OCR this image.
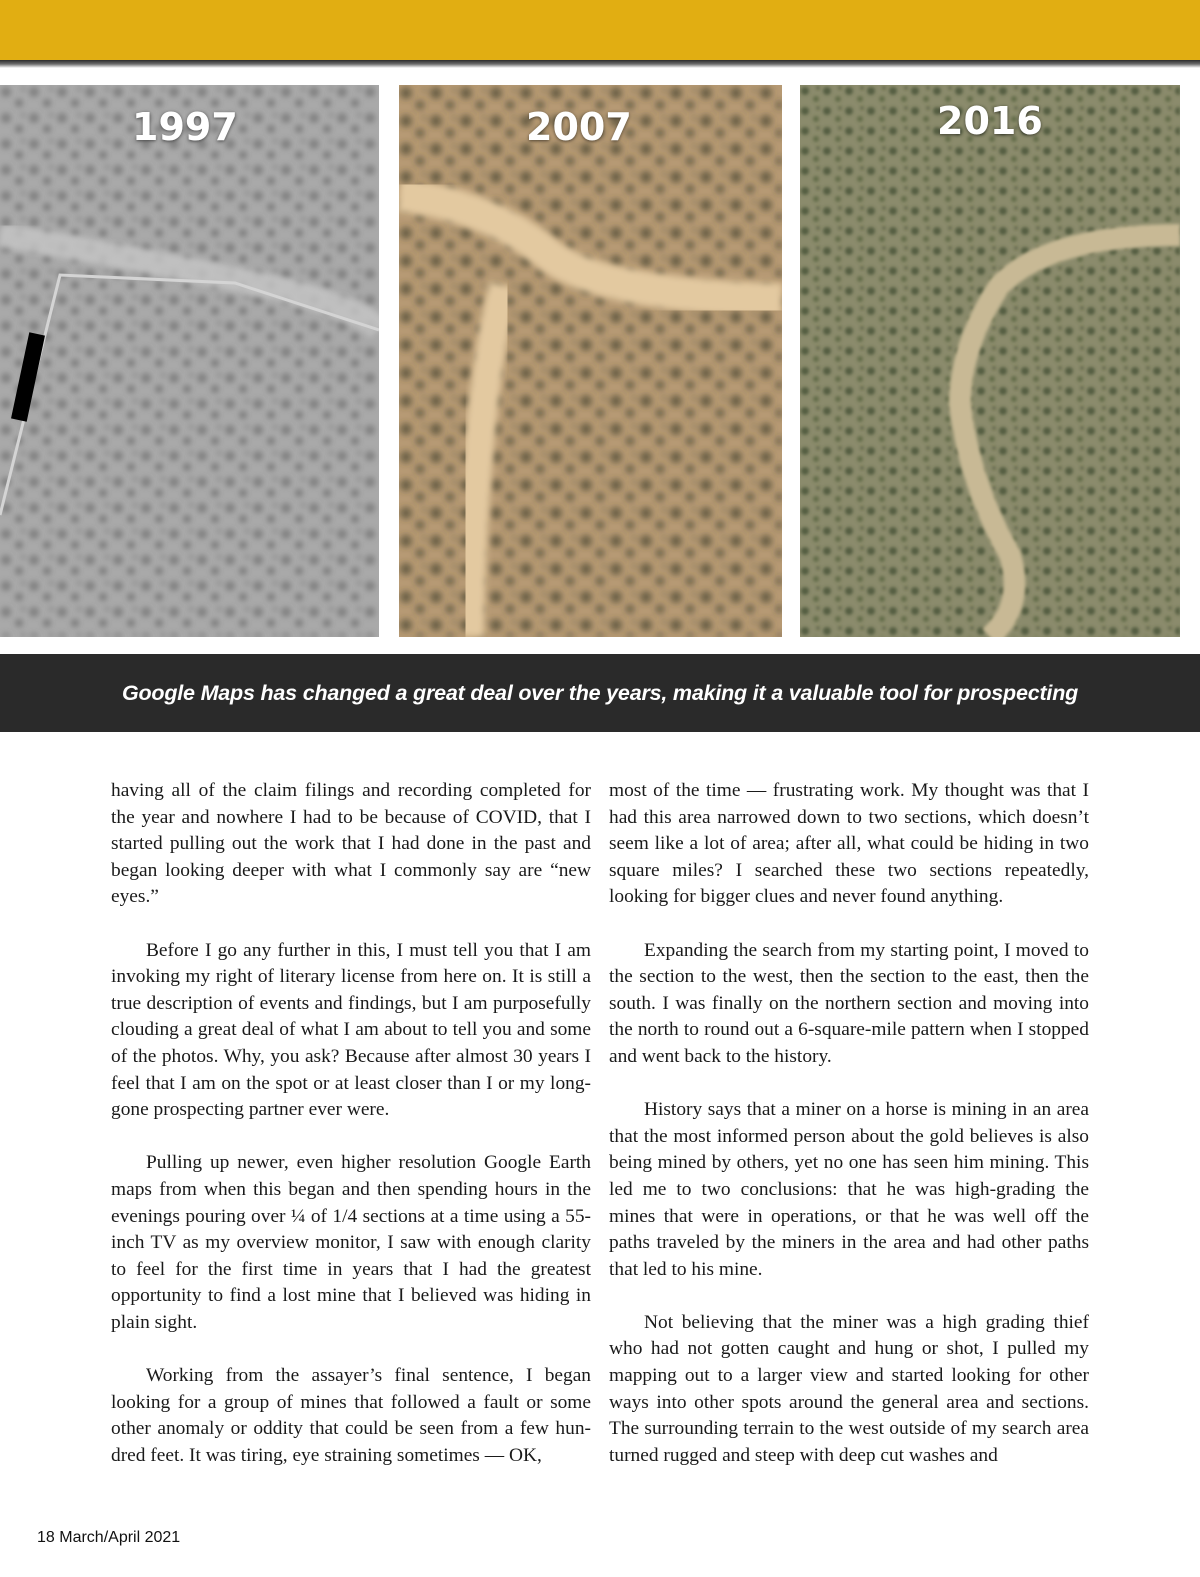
1997	2007	2016
Google Maps has changed a great deal over the years, making it a valuable tool for prospecting

having all of the claim filings and recording completed for the year and nowhere I had to be because of COVID, that I started pulling out the work that I had done in the past and began looking deeper with what I commonly say are “new eyes.”

Before I go any further in this, I must tell you that I am invoking my right of literary license from here on. It is still a true description of events and findings, but I am purposefully clouding a great deal of what I am about to tell you and some of the photos. Why, you ask? Because after almost 30 years I feel that I am on the spot or at least closer than I or my long-gone prospecting partner ever were.

Pulling up newer, even higher resolution Google Earth maps from when this began and then spending hours in the evenings pouring over ¼ of 1/4 sections at a time using a 55-inch TV as my overview monitor, I saw with enough clarity to feel for the first time in years that I had the greatest opportunity to find a lost mine that I believed was hiding in plain sight.

Working from the assayer’s final sentence, I began looking for a group of mines that followed a fault or some other anomaly or oddity that could be seen from a few hundred feet. It was tiring, eye straining sometimes — OK,

most of the time — frustrating work. My thought was that I had this area narrowed down to two sections, which doesn’t seem like a lot of area; after all, what could be hiding in two square miles? I searched these two sections repeatedly, looking for bigger clues and never found anything.

Expanding the search from my starting point, I moved to the section to the west, then the section to the east, then the south. I was finally on the northern section and moving into the north to round out a 6-square-mile pattern when I stopped and went back to the history.

History says that a miner on a horse is mining in an area that the most informed person about the gold believes is also being mined by others, yet no one has seen him mining. This led me to two conclusions: that he was high-grading the mines that were in operations, or that he was well off the paths traveled by the miners in the area and had other paths that led to his mine.

Not believing that the miner was a high grading thief who had not gotten caught and hung or shot, I pulled my mapping out to a larger view and started looking for other ways into other spots around the general area and sections. The surrounding terrain to the west outside of my search area turned rugged and steep with deep cut washes and

18 March/April 2021
